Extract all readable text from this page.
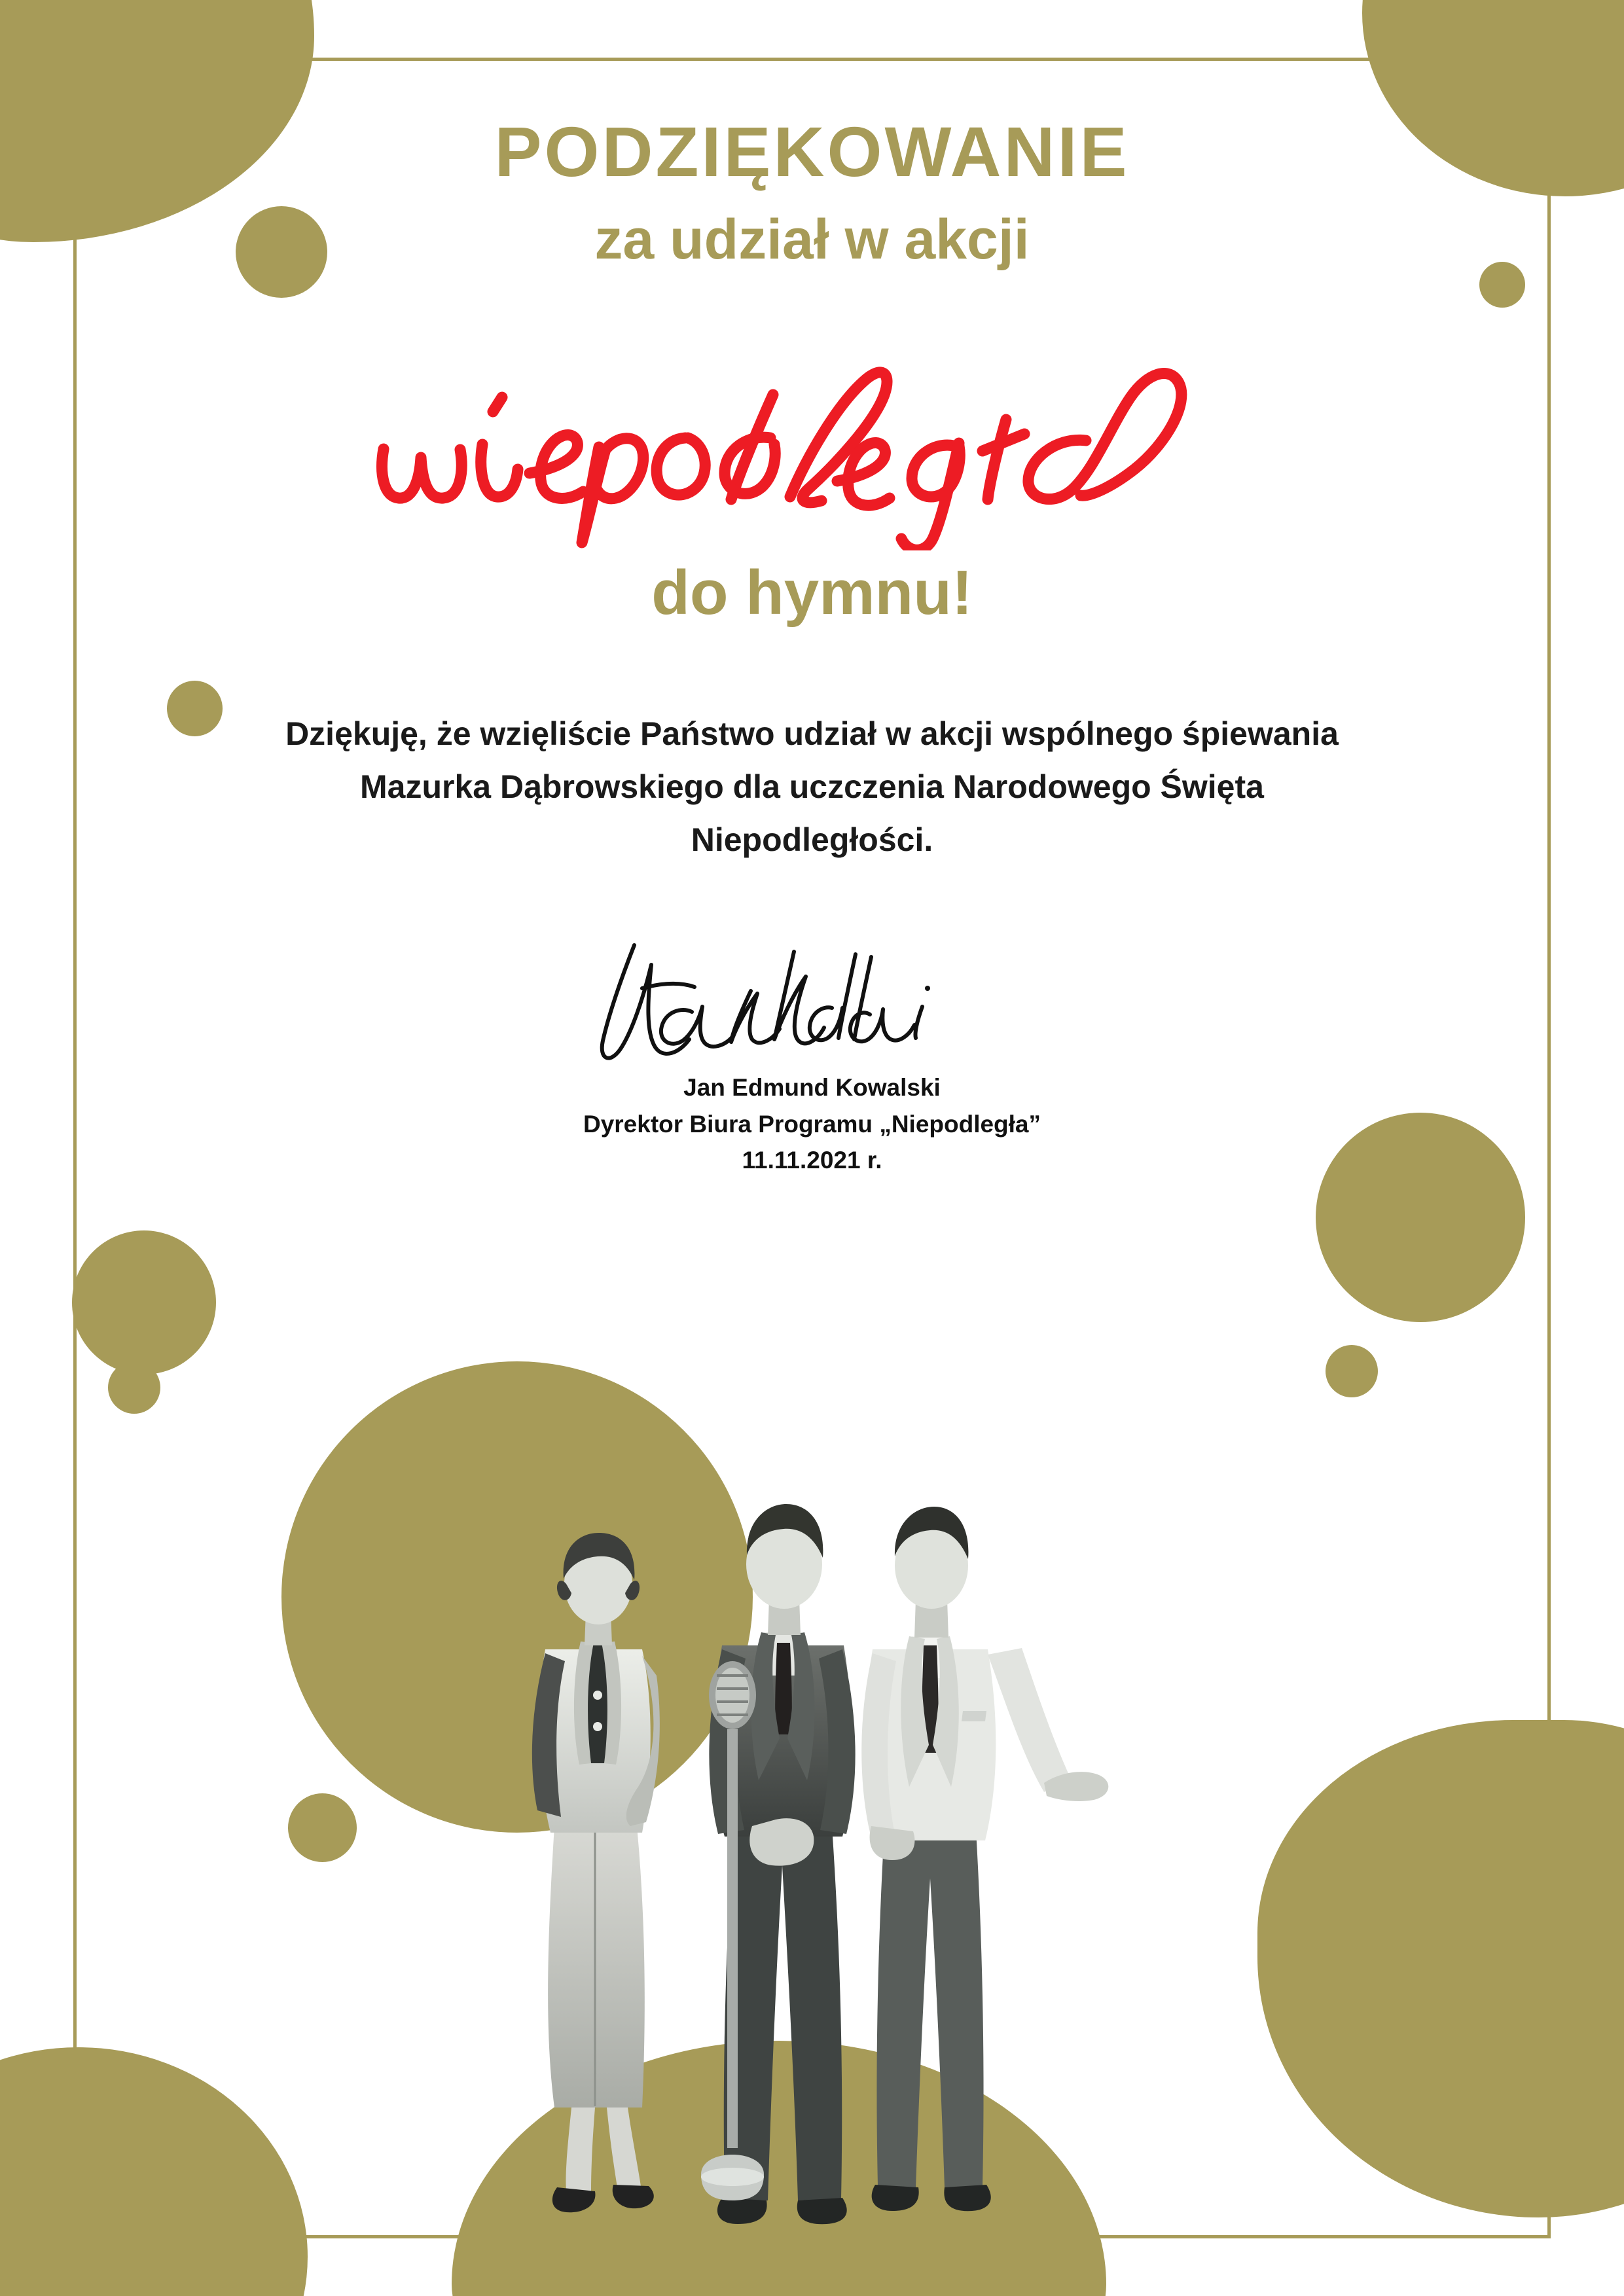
PODZIĘKOWANIE
za udział w akcji
do hymnu!

Dziękuję, że wzięliście Państwo udział w akcji wspólnego śpiewania Mazurka Dąbrowskiego dla uczczenia Narodowego Święta Niepodległości.

Jan Edmund Kowalski

Dyrektor Biura Programu „Niepodległa”

11.11.2021 r.
